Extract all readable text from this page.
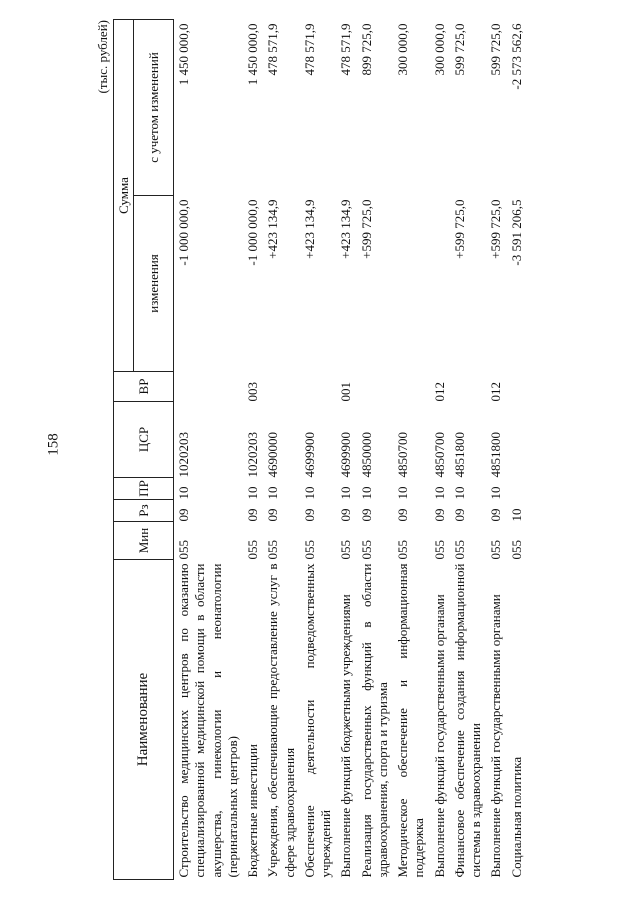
158
(тыс. рублей)
Наименование	Мин	Рз	ПР	ЦСР	ВР	Сумма	
						изменения	с учетом изменений
Строительство медицинских центров по оказанию специализированной медицинской помощи в области акушерства, гинекологии и неонатологии (перинатальных центров)	055	09	10	1020203		-1 000 000,0	1 450 000,0
Бюджетные инвестиции	055	09	10	1020203	003	-1 000 000,0	1 450 000,0
Учреждения, обеспечивающие предоставление услуг в сфере здравоохранения	055	09	10	4690000		+423 134,9	478 571,9
Обеспечение деятельности подведомственных учреждений	055	09	10	4699900		+423 134,9	478 571,9
Выполнение функций бюджетными учреждениями	055	09	10	4699900	001	+423 134,9	478 571,9
Реализация государственных функций в области здравоохранения, спорта и туризма	055	09	10	4850000		+599 725,0	899 725,0
Методическое обеспечение и информационная поддержка	055	09	10	4850700			300 000,0
Выполнение функций государственными органами	055	09	10	4850700	012		300 000,0
Финансовое обеспечение создания информационной системы в здравоохранении	055	09	10	4851800		+599 725,0	599 725,0
Выполнение функций государственными органами	055	09	10	4851800	012	+599 725,0	599 725,0
Социальная политика	055	10				-3 591 206,5	-2 573 562,6
